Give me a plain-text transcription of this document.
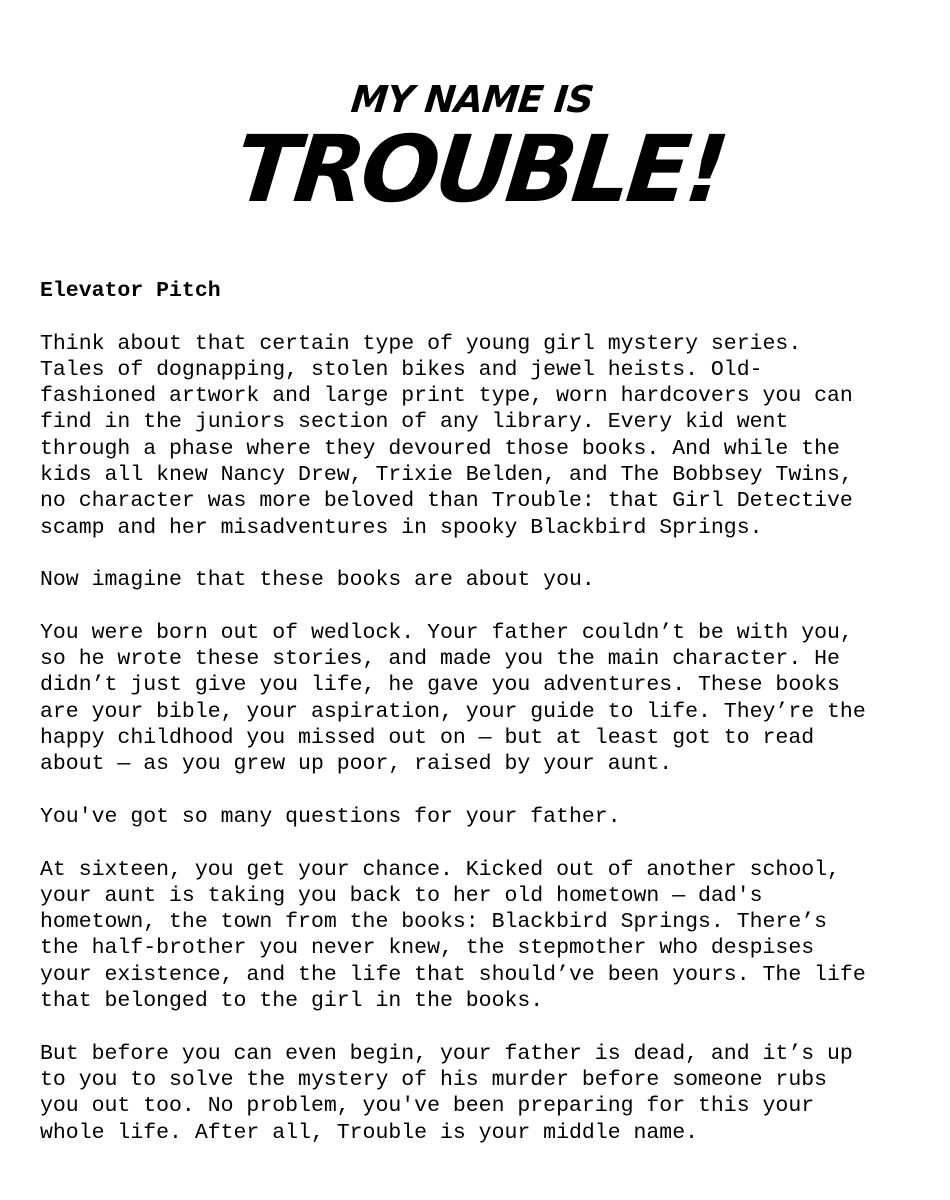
MY NAME IS
TROUBLE!
Elevator Pitch

Think about that certain type of young girl mystery series.
Tales of dognapping, stolen bikes and jewel heists. Old-
fashioned artwork and large print type, worn hardcovers you can
find in the juniors section of any library. Every kid went
through a phase where they devoured those books. And while the
kids all knew Nancy Drew, Trixie Belden, and The Bobbsey Twins,
no character was more beloved than Trouble: that Girl Detective
scamp and her misadventures in spooky Blackbird Springs.

Now imagine that these books are about you.

You were born out of wedlock. Your father couldn’t be with you,
so he wrote these stories, and made you the main character. He
didn’t just give you life, he gave you adventures. These books
are your bible, your aspiration, your guide to life. They’re the
happy childhood you missed out on — but at least got to read
about — as you grew up poor, raised by your aunt.

You've got so many questions for your father.

At sixteen, you get your chance. Kicked out of another school,
your aunt is taking you back to her old hometown — dad's
hometown, the town from the books: Blackbird Springs. There’s
the half-brother you never knew, the stepmother who despises
your existence, and the life that should’ve been yours. The life
that belonged to the girl in the books.

But before you can even begin, your father is dead, and it’s up
to you to solve the mystery of his murder before someone rubs
you out too. No problem, you've been preparing for this your
whole life. After all, Trouble is your middle name.
